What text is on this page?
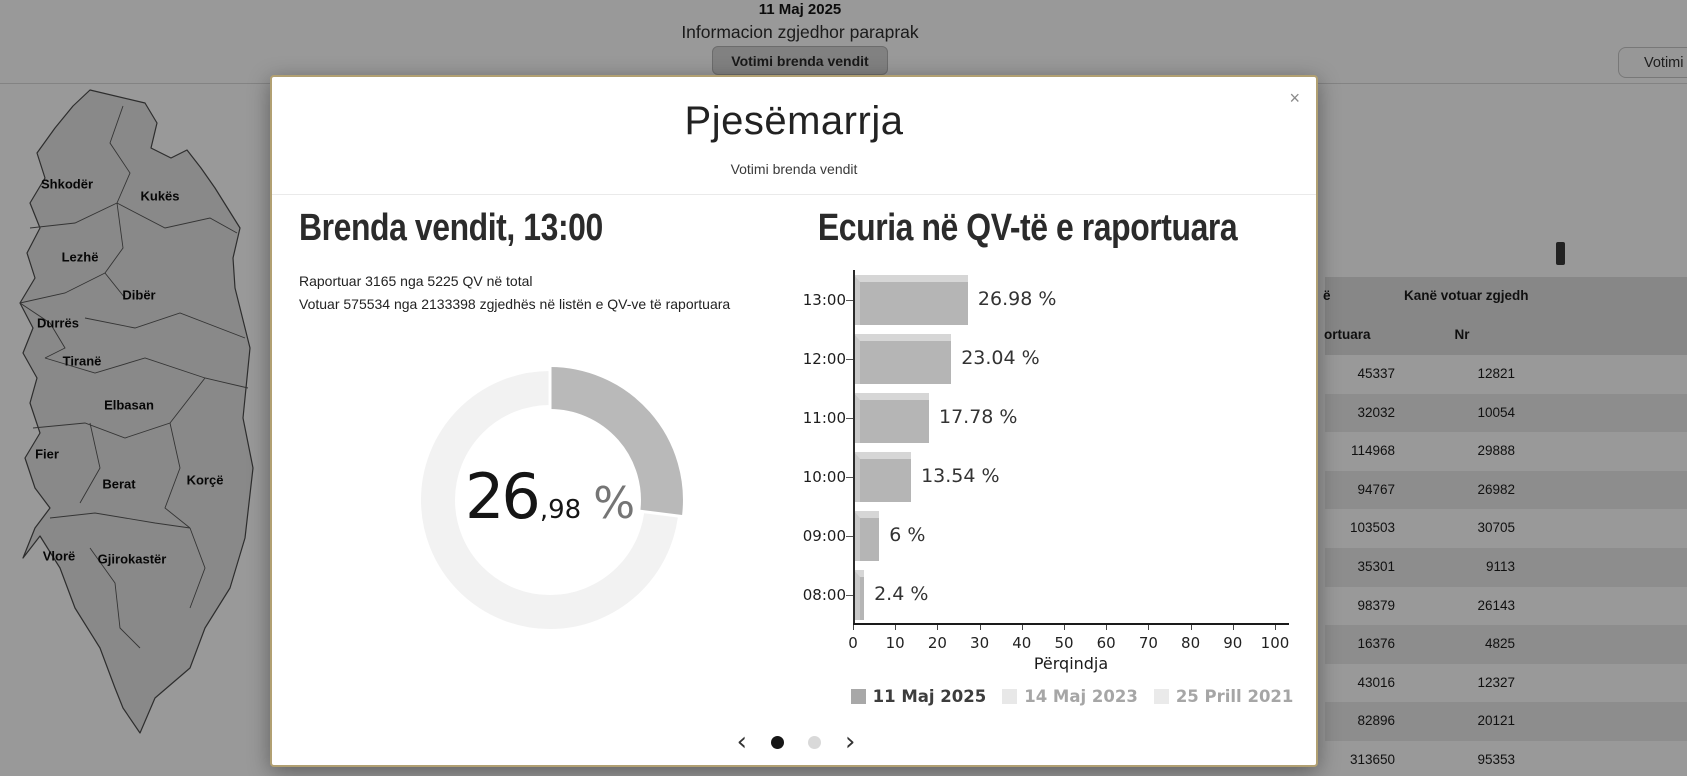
11 Maj 2025
Informacion zgjedhor paraprak
Votimi brenda vendit	Votimi
Shkodër
Kukës
Lezhë
Dibër
Durrës
Tiranë
Elbasan
Fier
Berat	Korçë
Vlorë Gjirokastër
ë	Kanë votuar zgjedh
ortuara	Nr
45337	12821
32032	10054
114968	29888
94767	26982
103503	30705
35301	9113
98379	26143
16376	4825
43016	12327
82896	20121
313650	95353
×
Pjesëmarrja
Votimi brenda vendit
Brenda vendit, 13:00
Raportuar 3165 nga 5225 QV në total
Votuar 575534 nga 2133398 zgjedhës në listën e QV-ve të raportuara
26 ,98 %
Ecuria në QV-të e raportuara
13:00	26.98 %
12:00	23.04 %
11:00	17.78 %
10:00	13.54 %
09:00 6 %
08:00 2.4 %
0	10	20	30	40	50	60	70	80	90	100
Përqindja
11 Maj 2025 14 Maj 2023 25 Prill 2021
‹	›
